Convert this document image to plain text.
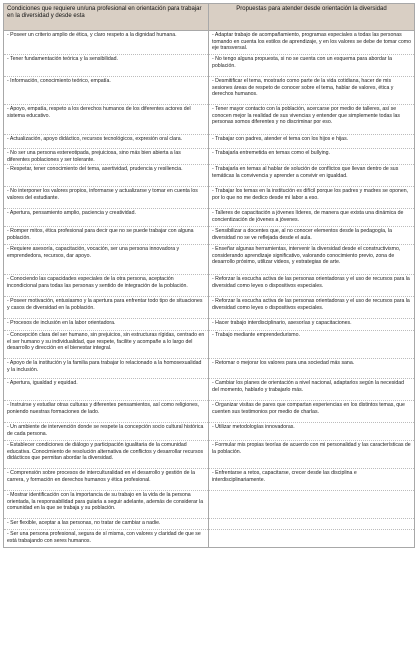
Condiciones que requiere un/una profesional en orientación para trabajar en la diversidad y desde esta	Propuestas para atender desde orientación la diversidad
- Poseer un criterio amplio de ética, y claro respeto a la dignidad humana.	- Adaptar trabajo de acompañamiento, programas especiales a todas las personas tomando en cuenta los estilos de aprendizaje, y en los valores se debe de tomar como eje transversal.
- Tener fundamentación teórica y la sensibilidad.	- No tengo alguna propuesta, si no se cuenta con un esquema para abordar la población.
- Información, conocimiento teórico, empatía.	- Desmitificar el tema, mostrarlo como parte de la vida cotidiana, hacer de mis sesiones áreas de respeto de conocer sobre el tema, hablar de valores, ética y derechos humanos.
- Apoyo, empatía, respeto a los derechos humanos de los diferentes actores del sistema educativo.	- Tener mayor contacto con la población, acercarse por medio de talleres, así se conocen mejor la realidad de sus vivencias y entender que simplemente todas las personas somos diferentes y no discriminar por eso.
- Actualización, apoyo didáctico, recursos tecnológicos, expresión oral clara.	- Trabajar con padres, atender el tema con los hijos e hijas.
- No ser una persona estereotipada, prejuiciosa, sino más bien abierta a las diferentes poblaciones y ser tolerante.	- Trabajarla entremetida en temas como el bullying.
- Respetar, tener conocimiento del tema, asertividad, prudencia y resiliencia.	- Trabajarla en temas al hablar de solución de conflictos que llevan dentro de sus temáticas la convivencia y aprender a convivir en igualdad.
- No interponer los valores propios, informarse y actualizarse y tomar en cuenta los valores del estudiante.	- Trabajar los temas en la institución es difícil porque los padres y madres se oponen, por lo que no me dedico desde mi labor a eso.
- Apertura, pensamiento amplio, paciencia y creatividad.	- Talleres de capacitación a jóvenes líderes, de manera que exista una dinámica de concientización de jóvenes a jóvenes.
- Romper mitos, ética profesional para decir que no se puede trabajar con alguna población.	- Sensibilizar a docentes que, al no conocer elementos desde la pedagogía, la diversidad no se ve reflejada desde el aula.
- Requiere asesoría, capacitación, vocación, ser una persona innovadora y emprendedora, recursos, dar apoyo.	- Enseñar algunas herramientas, intervenir la diversidad desde el constructivismo, considerando aprendizaje significativo, valorando conocimiento previo, zona de desarrollo próximo, utilizar videos, y estrategias de arte.
- Conociendo las capacidades especiales de la otra persona, aceptación incondicional para todas las personas y sentido de integración de la población.	- Reforzar la escucha activa de las personas orientadoras y el uso de recursos para la diversidad como leyes o dispositivos especiales.
- Poseer motivación, entusiasmo y la apertura para enfrentar todo tipo de situaciones y casos de diversidad en la población.	- Reforzar la escucha activa de las personas orientadoras y el uso de recursos para la diversidad como leyes o dispositivos especiales.
- Procesos de inclusión en la labor orientadora.	- Hacer trabajo interdisciplinario, asesorías y capacitaciones.
- Concepción clara del ser humano, sin prejuicios, sin estructuras rígidas, centrado en el ser humano y su individualidad, que respete, facilite y acompañe a lo largo del desarrollo y dirección en el bienestar integral.	- Trabajo mediante emprendedurismo.
- Apoyo de la institución y la familia para trabajar lo relacionado a la homosexualidad y la inclusión.	- Retomar o mejorar los valores para una sociedad más sana.
- Apertura, igualdad y equidad.	- Cambiar los planes de orientación a nivel nacional, adaptarlos según la necesidad del momento, hablarlo y trabajarlo más.
- Instruirse y estudiar otras culturas y diferentes pensamientos, así como religiones, poniendo nuestras formaciones de lado.	- Organizar visitas de pares que compartan experiencias en los distintos temas, que cuenten sus testimonios por medio de charlas.
- Un ambiente de intervención donde se respete la concepción socio cultural histórica de cada persona.	- Utilizar metodologías innovadoras.
- Establecer condiciones de diálogo y participación igualitaria de la comunidad educativa. Conocimiento de resolución alternativa de conflictos y desarrollar recursos didácticos que permitan abordar la diversidad.	- Formular mis propias teorías de acuerdo con mi personalidad y las características de la población.
- Comprensión sobre procesos de interculturalidad en el desarrollo y gestión de la carrera, y formación en derechos humanos y ética profesional.	- Enfrentarse a retos, capacitarse, crecer desde las disciplina e interdisciplinariamente.
- Mostrar identificación con la importancia de su trabajo en la vida de la persona orientada, la responsabilidad para guiarla a seguir adelante, además de considerar la comunidad en la que se trabaja y su población.	
- Ser flexible, aceptar a las personas, no tratar de cambiar a nadie.	
- Ser una persona profesional, segura de sí misma, con valores y claridad de que se está trabajando con seres humanos.	
